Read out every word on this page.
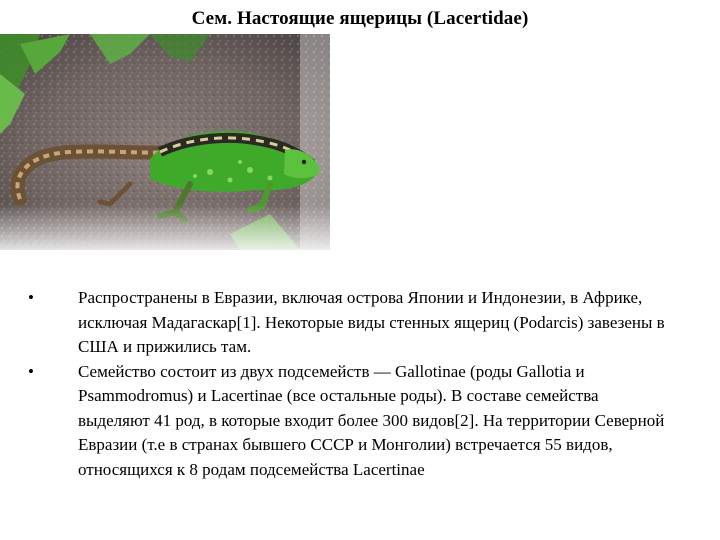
Сем. Настоящие ящерицы (Lacertidae)
•	Распространены в Евразии, включая острова Японии и Индонезии, в Африке, исключая Мадагаскар[1]. Некоторые виды стенных ящериц (Podarcis) завезены в США и прижились там.
•	Семейство состоит из двух подсемейств — Gallotinae (роды Gallotia и Psammodromus) и Lacertinae (все остальные роды). В составе семейства выделяют 41 род, в которые входит более 300 видов[2]. На территории Северной Евразии (т.е в странах бывшего СССР и Монголии) встречается 55 видов, относящихся к 8 родам подсемейства Lacertinae
